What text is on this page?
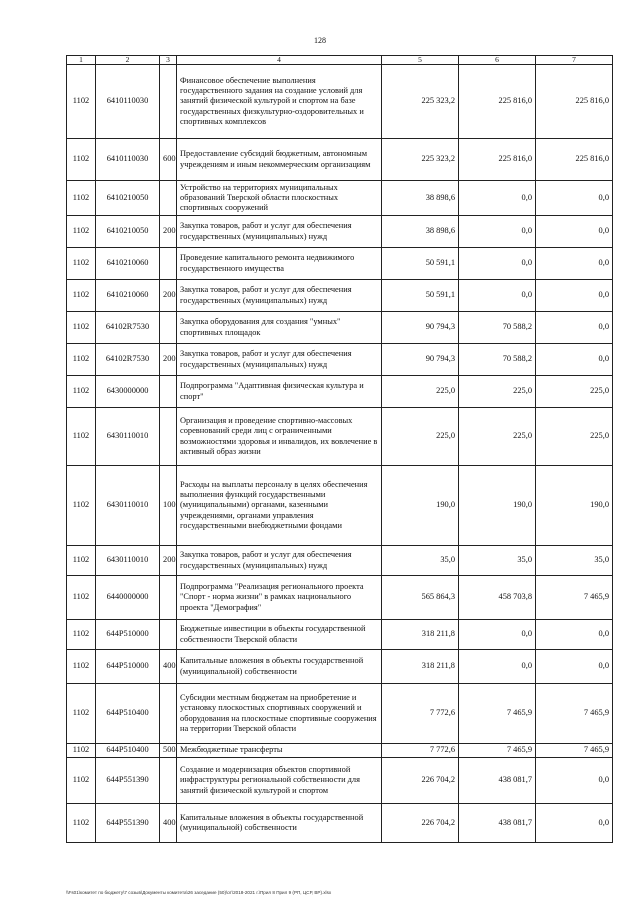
128
1	2	3	4	5	6	7
1102	6410110030		Финансовое обеспечение выполнения государственного задания на создание условий для занятий физической культурой и спортом на базе государственных физкультурно-оздоровительных и спортивных комплексов	225 323,2	225 816,0	225 816,0
1102	6410110030	600	Предоставление субсидий бюджетным, автономным учреждениям и иным некоммерческим организациям	225 323,2	225 816,0	225 816,0
1102	6410210050		Устройство на территориях муниципальных образований Тверской области плоскостных спортивных сооружений	38 898,6	0,0	0,0
1102	6410210050	200	Закупка товаров, работ и услуг для обеспечения государственных (муниципальных) нужд	38 898,6	0,0	0,0
1102	6410210060		Проведение капитального ремонта недвижимого государственного имущества	50 591,1	0,0	0,0
1102	6410210060	200	Закупка товаров, работ и услуг для обеспечения государственных (муниципальных) нужд	50 591,1	0,0	0,0
1102	64102R7530		Закупка оборудования для создания "умных" спортивных площадок	90 794,3	70 588,2	0,0
1102	64102R7530	200	Закупка товаров, работ и услуг для обеспечения государственных (муниципальных) нужд	90 794,3	70 588,2	0,0
1102	6430000000		Подпрограмма "Адаптивная физическая культура и спорт"	225,0	225,0	225,0
1102	6430110010		Организация и проведение спортивно-массовых соревнований среди лиц с ограниченными возможностями здоровья и инвалидов, их вовлечение в активный образ жизни	225,0	225,0	225,0
1102	6430110010	100	Расходы на выплаты персоналу в целях обеспечения выполнения функций государственными (муниципальными) органами, казенными учреждениями, органами управления государственными внебюджетными фондами	190,0	190,0	190,0
1102	6430110010	200	Закупка товаров, работ и услуг для обеспечения государственных (муниципальных) нужд	35,0	35,0	35,0
1102	6440000000		Подпрограмма "Реализация регионального проекта "Спорт - норма жизни" в рамках национального проекта "Демография"	565 864,3	458 703,8	7 465,9
1102	644P510000		Бюджетные инвестиции в объекты государственной собственности Тверской области	318 211,8	0,0	0,0
1102	644P510000	400	Капитальные вложения в объекты государственной (муниципальной) собственности	318 211,8	0,0	0,0
1102	644P510400		Субсидии местным бюджетам на приобретение и установку плоскостных спортивных сооружений и оборудования на плоскостные спортивные сооружения на территории Тверской области	7 772,6	7 465,9	7 465,9
1102	644P510400	500	Межбюджетные трансферты	7 772,6	7 465,9	7 465,9
1102	644P551390		Создание и модернизация объектов спортивной инфраструктуры региональной собственности для занятий физической культурой и спортом	226 704,2	438 081,7	0,0
1102	644P551390	400	Капитальные вложения в объекты государственной (муниципальной) собственности	226 704,2	438 081,7	0,0
\\Fs01\комитет по бюджету\7 созыв\Документы комитета\26 заседание (50)\от\2018-2021 г.\Прил 8 Прил 9 (РП, ЦСР, ВР).xlsx
